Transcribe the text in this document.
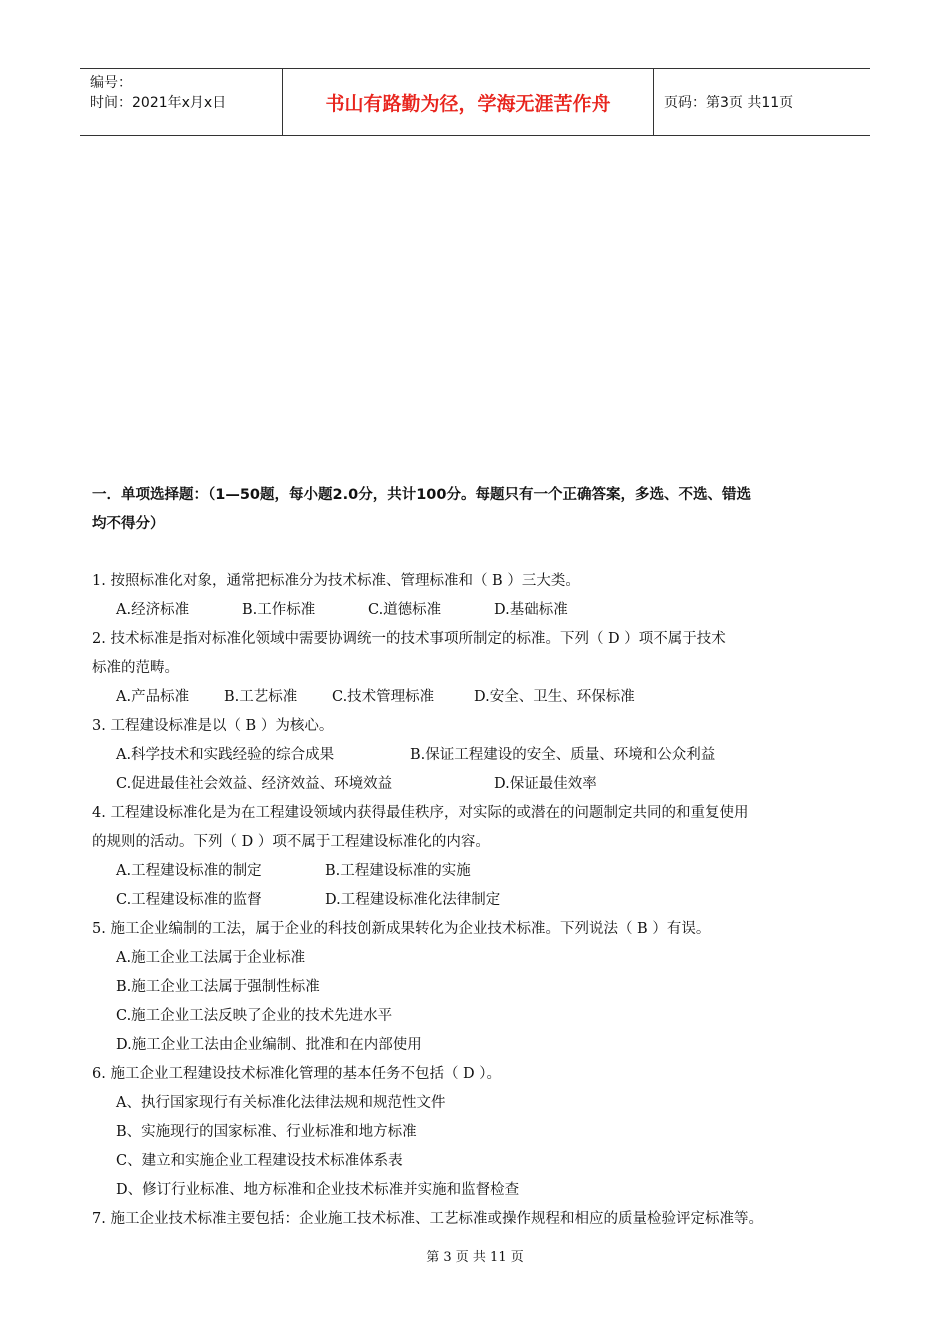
编号：
时间：2021年x月x日	书山有路勤为径，学海无涯苦作舟	页码：第3页 共11页
一．单项选择题：（1—50题，每小题2.0分，共计100分。每题只有一个正确答案，多选、不选、错选
均不得分）
1. 按照标准化对象，通常把标准分为技术标准、管理标准和（ B ）三大类。
A.经济标准	B.工作标准	C.道德标准	D.基础标准
2. 技术标准是指对标准化领域中需要协调统一的技术事项所制定的标准。下列（ D ）项不属于技术
标准的范畴。
A.产品标准 B.工艺标准 C.技术管理标准	D.安全、卫生、环保标准
3. 工程建设标准是以（ B ）为核心。
A.科学技术和实践经验的综合成果	B.保证工程建设的安全、质量、环境和公众利益
C.促进最佳社会效益、经济效益、环境效益	D.保证最佳效率
4. 工程建设标准化是为在工程建设领域内获得最佳秩序，对实际的或潜在的问题制定共同的和重复使用
的规则的活动。下列（ D ）项不属于工程建设标准化的内容。
A.工程建设标准的制定	B.工程建设标准的实施
C.工程建设标准的监督	D.工程建设标准化法律制定
5. 施工企业编制的工法，属于企业的科技创新成果转化为企业技术标准。下列说法（ B ）有误。
A.施工企业工法属于企业标准
B.施工企业工法属于强制性标准
C.施工企业工法反映了企业的技术先进水平
D.施工企业工法由企业编制、批准和在内部使用
6. 施工企业工程建设技术标准化管理的基本任务不包括（ D ）。
A、执行国家现行有关标准化法律法规和规范性文件
B、实施现行的国家标准、行业标准和地方标准
C、建立和实施企业工程建设技术标准体系表
D、修订行业标准、地方标准和企业技术标准并实施和监督检查
7. 施工企业技术标准主要包括：企业施工技术标准、工艺标准或操作规程和相应的质量检验评定标准等。
第 3 页 共 11 页
